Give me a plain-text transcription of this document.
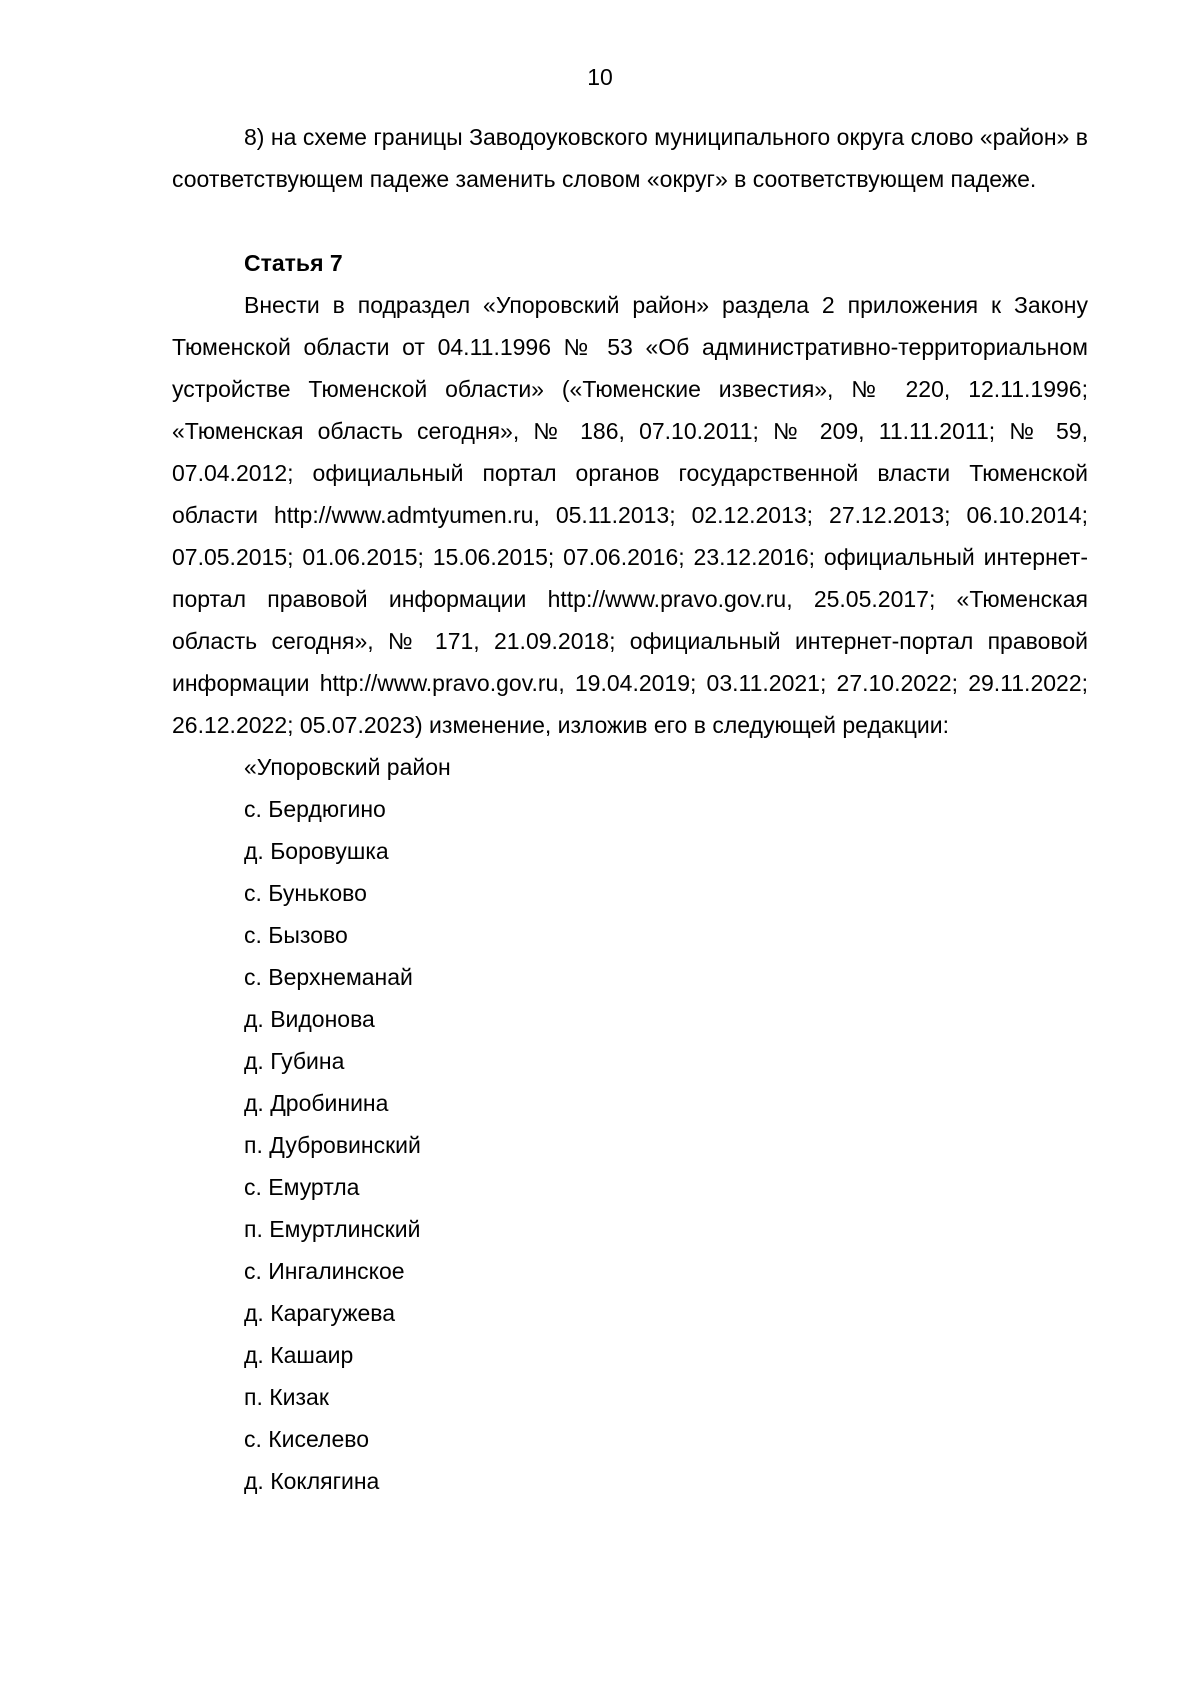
10

8) на схеме границы Заводоуковского муниципального округа слово «район» в соответствующем падеже заменить словом «округ» в соответствующем падеже.

Статья 7

Внести в подраздел «Упоровский район» раздела 2 приложения к Закону Тюменской области от 04.11.1996 № 53 «Об административно-территориальном устройстве Тюменской области» («Тюменские известия», № 220, 12.11.1996; «Тюменская область сегодня», № 186, 07.10.2011; № 209, 11.11.2011; № 59, 07.04.2012; официальный портал органов государственной власти Тюменской области http://www.admtyumen.ru, 05.11.2013; 02.12.2013; 27.12.2013; 06.10.2014; 07.05.2015; 01.06.2015; 15.06.2015; 07.06.2016; 23.12.2016; официальный интернет-портал правовой информации http://www.pravo.gov.ru, 25.05.2017; «Тюменская область сегодня», № 171, 21.09.2018; официальный интернет-портал правовой информации http://www.pravo.gov.ru, 19.04.2019; 03.11.2021; 27.10.2022; 29.11.2022; 26.12.2022; 05.07.2023) изменение, изложив его в следующей редакции:

«Упоровский район
с. Бердюгино
д. Боровушка
с. Буньково
с. Бызово
с. Верхнеманай
д. Видонова
д. Губина
д. Дробинина
п. Дубровинский
с. Емуртла
п. Емуртлинский
с. Ингалинское
д. Карагужева
д. Кашаир
п. Кизак
с. Киселево
д. Коклягина
